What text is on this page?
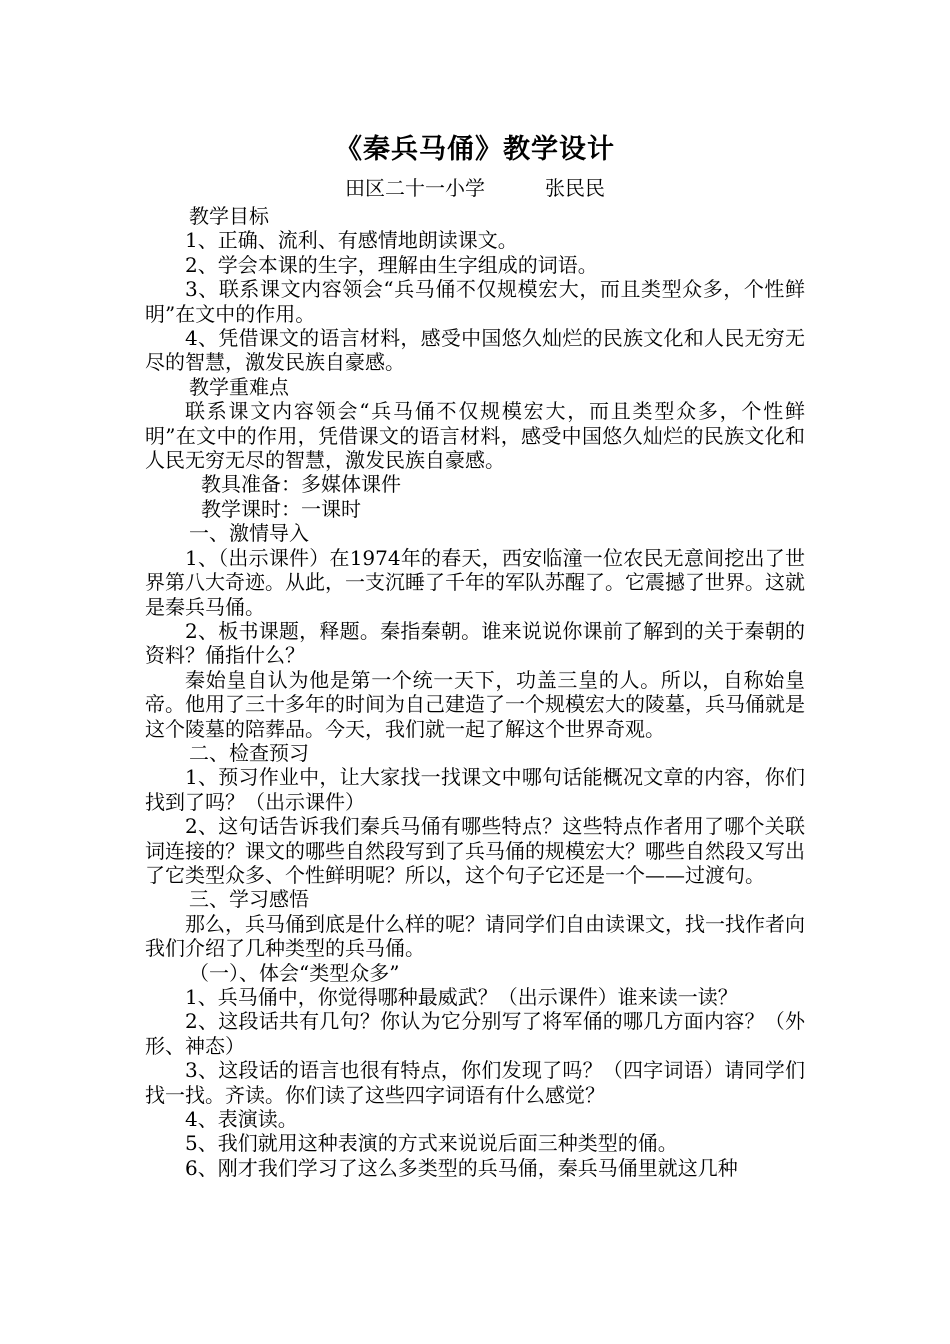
《秦兵马俑》教学设计

田区二十一小学	张民民

教学目标

1、正确、流利、有感情地朗读课文。

2、学会本课的生字，理解由生字组成的词语。

3、联系课文内容领会“兵马俑不仅规模宏大，而且类型众多，个性鲜明”在文中的作用。

4、凭借课文的语言材料，感受中国悠久灿烂的民族文化和人民无穷无尽的智慧，激发民族自豪感。

教学重难点

联系课文内容领会“兵马俑不仅规模宏大，而且类型众多，个性鲜明”在文中的作用，凭借课文的语言材料，感受中国悠久灿烂的民族文化和人民无穷无尽的智慧，激发民族自豪感。

教具准备：多媒体课件

教学课时：一课时

一、激情导入

1、（出示课件）在1974年的春天，西安临潼一位农民无意间挖出了世界第八大奇迹。从此，一支沉睡了千年的军队苏醒了。它震撼了世界。这就是秦兵马俑。

2、板书课题，释题。秦指秦朝。谁来说说你课前了解到的关于秦朝的资料？俑指什么？

秦始皇自认为他是第一个统一天下，功盖三皇的人。所以，自称始皇帝。他用了三十多年的时间为自己建造了一个规模宏大的陵墓，兵马俑就是这个陵墓的陪葬品。今天，我们就一起了解这个世界奇观。

二、检查预习

1、预习作业中，让大家找一找课文中哪句话能概况文章的内容，你们找到了吗？（出示课件）

2、这句话告诉我们秦兵马俑有哪些特点？这些特点作者用了哪个关联词连接的？课文的哪些自然段写到了兵马俑的规模宏大？哪些自然段又写出了它类型众多、个性鲜明呢？所以，这个句子它还是一个——过渡句。

三、学习感悟

那么，兵马俑到底是什么样的呢？请同学们自由读课文，找一找作者向我们介绍了几种类型的兵马俑。

（一）、体会“类型众多”

1、兵马俑中，你觉得哪种最威武？（出示课件）谁来读一读？

2、这段话共有几句？你认为它分别写了将军俑的哪几方面内容？（外形、神态）

3、这段话的语言也很有特点，你们发现了吗？（四字词语）请同学们找一找。齐读。你们读了这些四字词语有什么感觉？

4、表演读。

5、我们就用这种表演的方式来说说后面三种类型的俑。

6、刚才我们学习了这么多类型的兵马俑，秦兵马俑里就这几种
